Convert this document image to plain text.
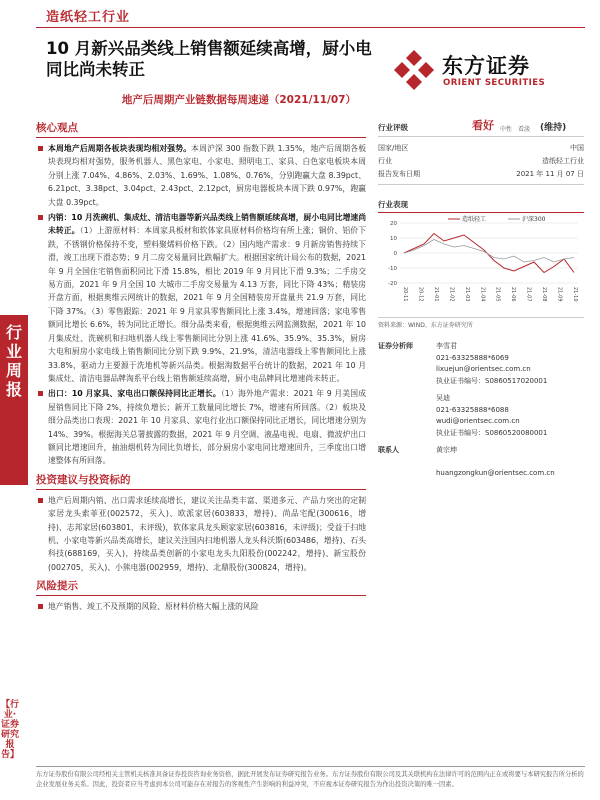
造纸轻工行业
行业周报
【行业·证券研究报告】
10 月新兴品类线上销售额延续高增，厨小电同比尚未转正
地产后周期产业链数据每周速递（2021/11/07）
东方证券
ORIENT SECURITIES
核心观点
本周地产后周期各板块表现均相对强势。本周沪深 300 指数下跌 1.35%，地产后周期各板块表现均相对强势，服务机器人、黑色家电、小家电、照明电工、家具、白色家电板块本周分别上涨 7.04%、4.86%、2.03%、1.69%、1.08%、0.76%，分别跑赢大盘 8.39pct、6.21pct、3.38pct、3.04pct、2.43pct、2.12pct，厨房电器板块本周下跌 0.97%，跑赢大盘 0.39pct。
内销：10 月洗碗机、集成灶、清洁电器等新兴品类线上销售额延续高增，厨小电同比增速尚未转正。（1）上游原材料：本周家具板材和软体家具原材料价格均有所上涨；铜价、铝价下跌，不锈钢价格保持不变，塑料聚烯料价格下跌。（2）国内地产需求：9 月新房销售持续下滑，竣工出现下滑态势；9 月二房交易量同比跌幅扩大。根据国家统计局公布的数据，2021 年 9 月全国住宅销售面积同比下滑 15.8%，相比 2019 年 9 月同比下滑 9.3%；二手房交易方面，2021 年 9 月全国 10 大城市二手房交易量为 4.13 万套，同比下降 43%；精装房开盘方面，根据奥维云网统计的数据，2021 年 9 月全国精装房开盘量共 21.9 万套，同比下降 37%。（3）零售跟踪：2021 年 9 月家具零售额同比上涨 3.4%，增速回落；家电零售额同比增长 6.6%，转为同比正增长。细分品类来看，根据奥维云网监测数据，2021 年 10 月集成灶、洗碗机和扫地机器人线上零售额同比分别上涨 41.6%、35.9%、35.3%，厨房大电和厨房小家电线上销售额同比分别下跌 9.9%、21.9%，清洁电器线上零售额同比上涨 33.8%，驱动力主要源于洗地机等新兴品类。根据淘数据平台统计的数据，2021 年 10 月集成灶、清洁电器品牌淘系平台线上销售额延续高增，厨小电品牌同比增速尚未转正。
出口：10 月家具、家电出口额保持同比正增长。（1）海外地产需求：2021 年 9 月美国成屋销售同比下降 2%，持续负增长；新开工数量同比增长 7%，增速有所回落。（2）板块及细分品类出口表现：2021 年 10 月家具、家电行业出口额保持同比正增长，同比增速分别为 14%、39%。根据海关总署披露的数据，2021 年 9 月空调、液晶电视、电扇、微波炉出口额同比增速回升，抽油烟机转为同比负增长，部分厨房小家电同比增速回升，三季度出口增速整体有所回落。
投资建议与投资标的
地产后周期内销、出口需求延续高增长，建议关注品类丰富、渠道多元、产品力突出的定制家居龙头索菲亚(002572，买入)、欧派家居(603833，增持)、尚品宅配(300616，增持)、志邦家居(603801，未评级)，软体家具龙头顾家家居(603816，未评级)；受益于扫地机、小家电等新兴品类高增长，建议关注国内扫地机器人龙头科沃斯(603486，增持)、石头科技(688169，买入)，持续品类创新的小家电龙头九阳股份(002242，增持)、新宝股份(002705，买入)、小熊电器(002959，增持)、北鼎股份(300824，增持)。
风险提示
地产销售、竣工不及预期的风险、原材料价格大幅上涨的风险
行业评级	看好 中性 看淡 (维持)
国家/地区	中国
行业	造纸轻工行业
报告发布日期	2021 年 11 月 07 日
行业表现
-20
-10
0
10
20
20-11 20-12 21-01 21-02 21-03 21-04 21-05 21-06 21-07 21-08 21-09 21-10
造纸轻工	沪深300
资料来源：WIND、东方证券研究所
证券分析师	李雪君
021-63325888*6069
lixuejun@orientsec.com.cn
执业证书编号：S0860517020001
吴迪
021-63325888*6088
wudi@orientsec.com.cn
执业证书编号：S0860520080001
联系人	黄宗坤
huangzongkun@orientsec.com.cn
东方证券股份有限公司经相关主管机关核准具备证券投资咨询业务资格，据此开展发布证券研究报告业务。东方证券股份有限公司及其关联机构在法律许可的范围内正在或将要与本研究报告所分析的企业发展业务关系。因此，投资者应当考虑到本公司可能存在对报告的客观性产生影响的利益冲突，不应视本证券研究报告为作出投资决策的唯一因素。
